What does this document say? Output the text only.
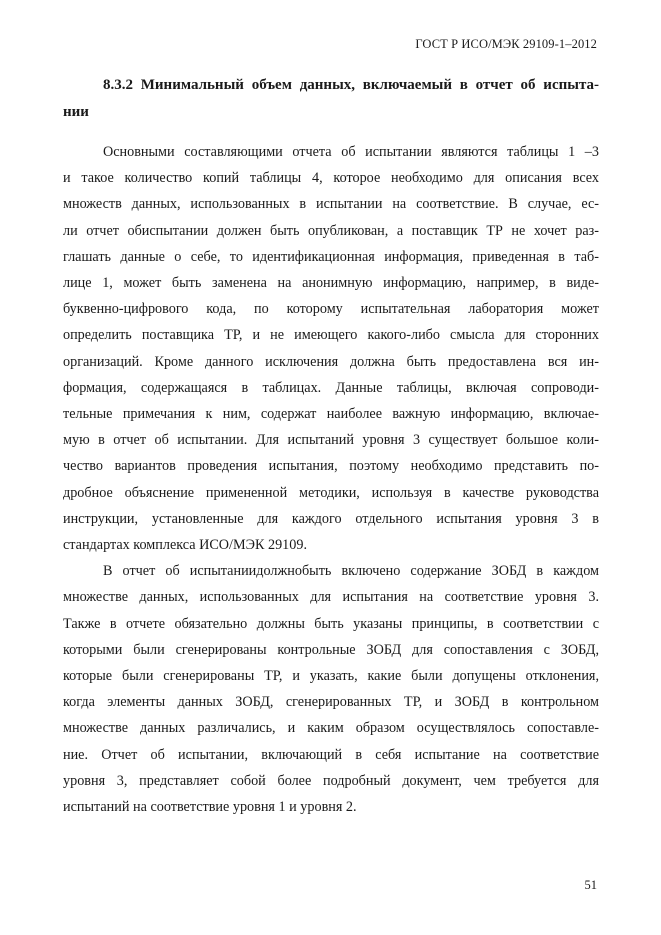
ГОСТ Р ИСО/МЭК 29109-1–2012
8.3.2 Минимальный объем данных, включаемый в отчет об испыта-
нии
Основными составляющими отчета об испытании являются таблицы 1 –3
и такое количество копий таблицы 4, которое необходимо для описания всех
множеств данных, использованных в испытании на соответствие. В случае, ес-
ли отчет обиспытании должен быть опубликован, а поставщик ТР не хочет раз-
глашать данные о себе, то идентификационная информация, приведенная в таб-
лице 1, может быть заменена на анонимную информацию, например, в виде-
буквенно-цифрового кода, по которому испытательная лаборатория может
определить поставщика ТР, и не имеющего какого-либо смысла для сторонних
организаций. Кроме данного исключения должна быть предоставлена вся ин-
формация, содержащаяся в таблицах. Данные таблицы, включая сопроводи-
тельные примечания к ним, содержат наиболее важную информацию, включае-
мую в отчет об испытании. Для испытаний уровня 3 существует большое коли-
чество вариантов проведения испытания, поэтому необходимо представить по-
дробное объяснение примененной методики, используя в качестве руководства
инструкции, установленные для каждого отдельного испытания уровня 3 в
стандартах комплекса ИСО/МЭК 29109.
В отчет об испытаниидолжнобыть включено содержание ЗОБД в каждом
множестве данных, использованных для испытания на соответствие уровня 3.
Также в отчете обязательно должны быть указаны принципы, в соответствии с
которыми были сгенерированы контрольные ЗОБД для сопоставления с ЗОБД,
которые были сгенерированы ТР, и указать, какие были допущены отклонения,
когда элементы данных ЗОБД, сгенерированных ТР, и ЗОБД в контрольном
множестве данных различались, и каким образом осуществлялось сопоставле-
ние. Отчет об испытании, включающий в себя испытание на соответствие
уровня 3, представляет собой более подробный документ, чем требуется для
испытаний на соответствие уровня 1 и уровня 2.
51
